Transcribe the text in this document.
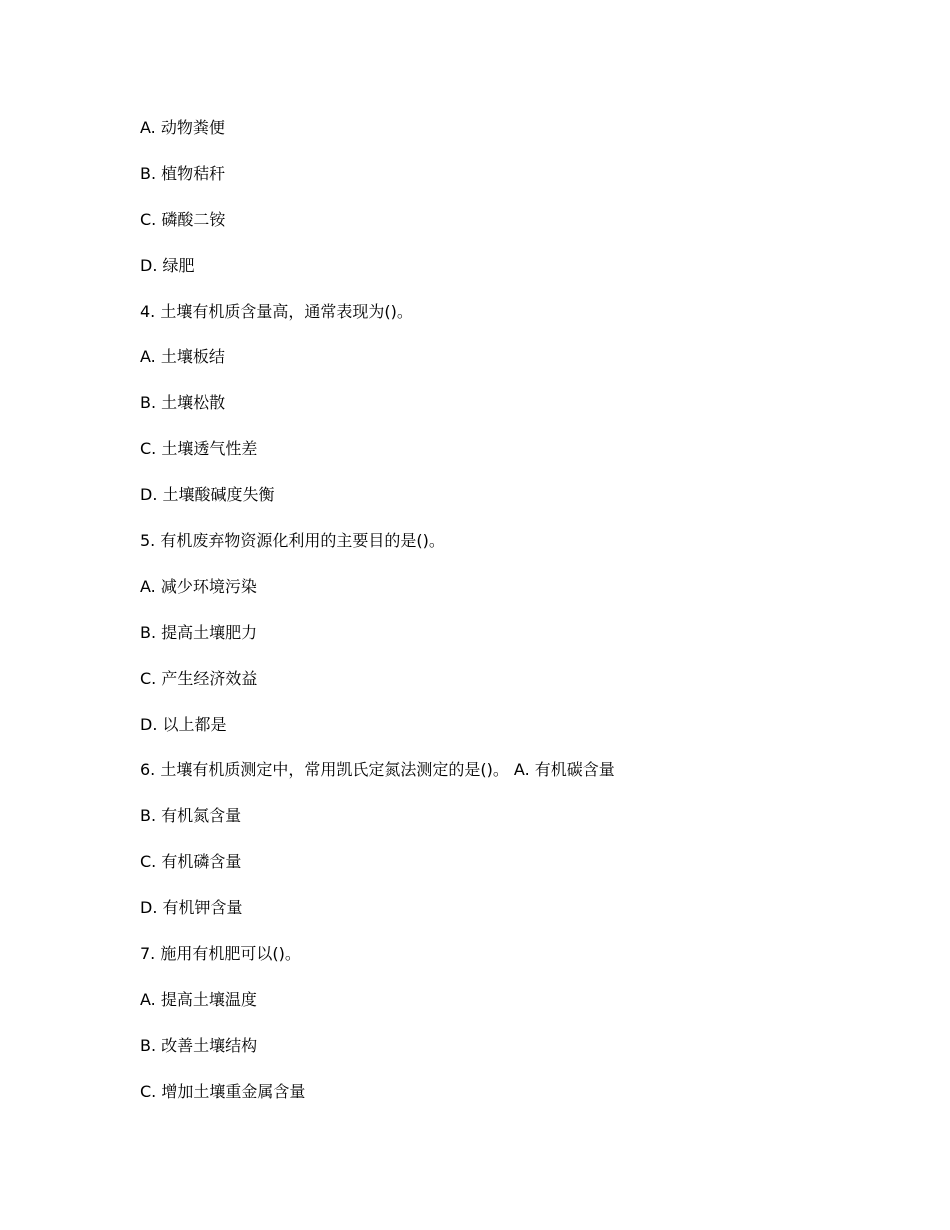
A. 动物粪便

B. 植物秸秆

C. 磷酸二铵

D. 绿肥

4. 土壤有机质含量高，通常表现为()。

A. 土壤板结

B. 土壤松散

C. 土壤透气性差

D. 土壤酸碱度失衡

5. 有机废弃物资源化利用的主要目的是()。

A. 减少环境污染

B. 提高土壤肥力

C. 产生经济效益

D. 以上都是

6. 土壤有机质测定中，常用凯氏定氮法测定的是()。 A. 有机碳含量

B. 有机氮含量

C. 有机磷含量

D. 有机钾含量

7. 施用有机肥可以()。

A. 提高土壤温度

B. 改善土壤结构

C. 增加土壤重金属含量
